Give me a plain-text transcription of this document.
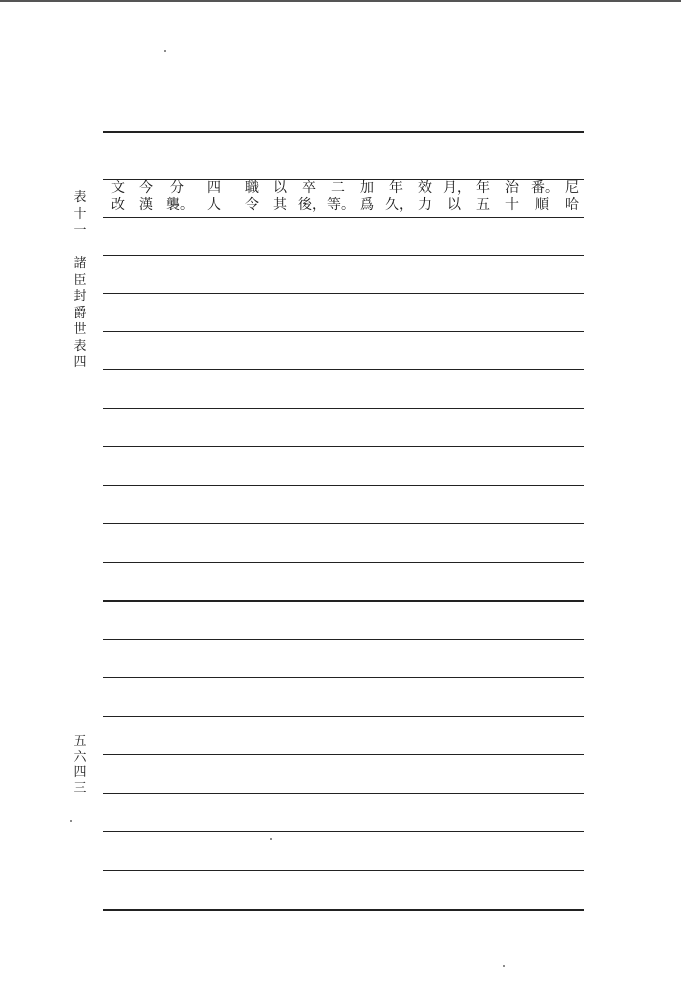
表
十
一

諸
臣
封
爵
世
表
四
五六四三
尼
哈
番。
順
治
十
年
五
月，
以
效
力
年
久，
加
爲
二
等。
卒
後，
以
其
職
令
四
人
分
襲。
今
漢
文
改
